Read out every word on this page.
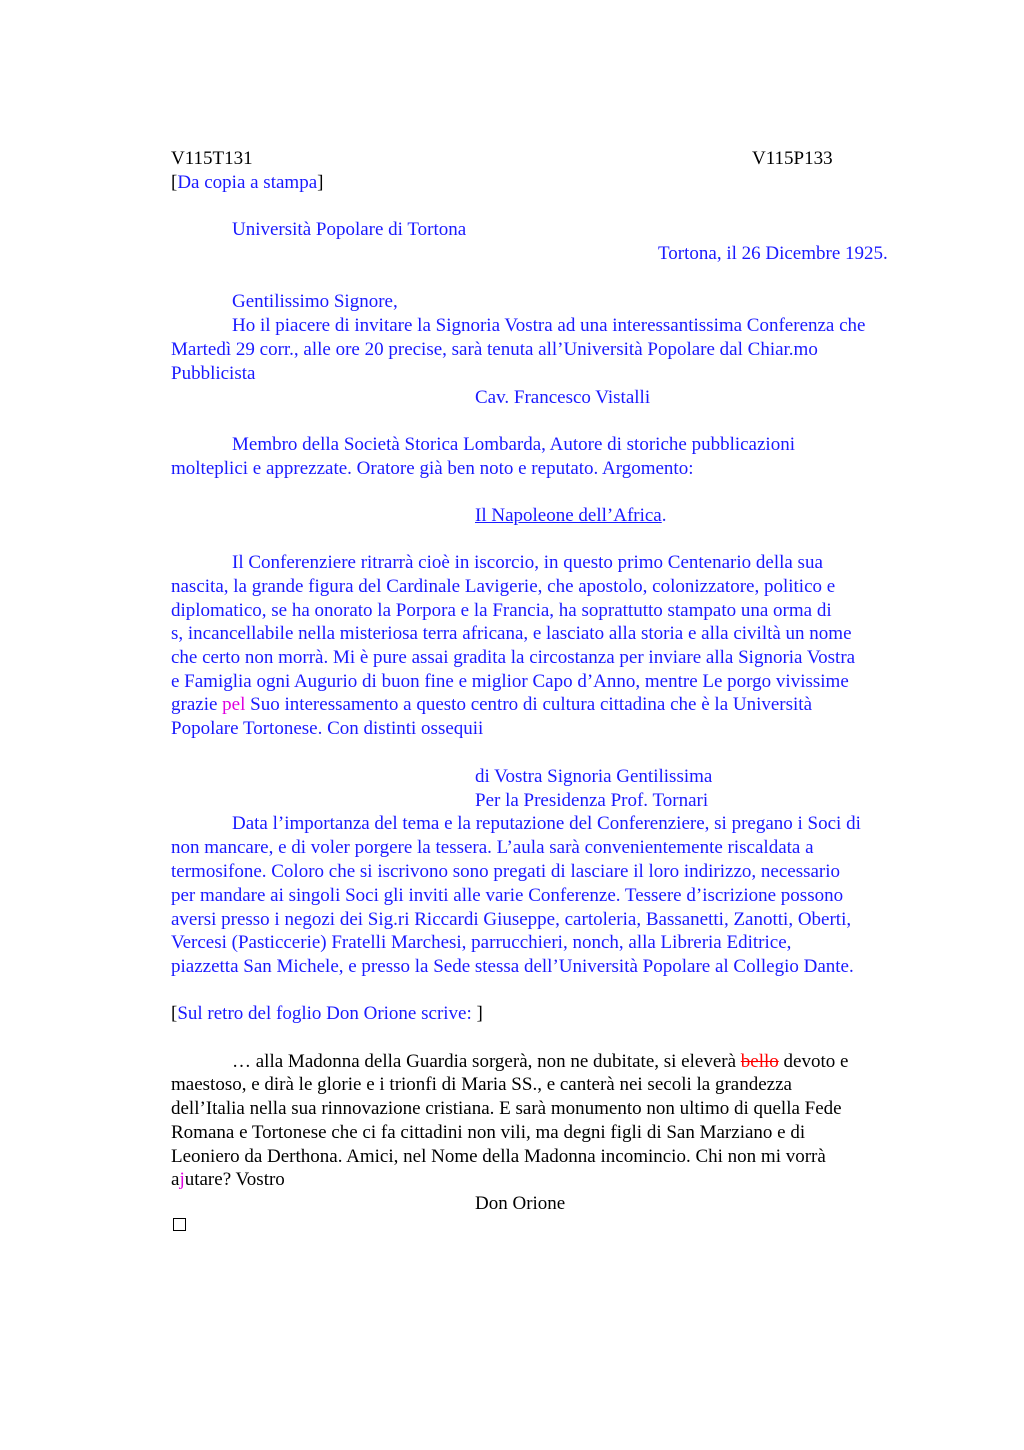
V115T131	V115P133
[Da copia a stampa]
Università Popolare di Tortona
Tortona, il 26 Dicembre 1925.
Gentilissimo Signore,
Ho il piacere di invitare la Signoria Vostra ad una interessantissima Conferenza che
Martedì 29 corr., alle ore 20 precise, sarà tenuta all’Università Popolare dal Chiar.mo
Pubblicista
Cav. Francesco Vistalli
Membro della Società Storica Lombarda, Autore di storiche pubblicazioni
molteplici e apprezzate. Oratore già ben noto e reputato. Argomento:
Il Napoleone dell’Africa.
Il Conferenziere ritrarrà cioè in iscorcio, in questo primo Centenario della sua
nascita, la grande figura del Cardinale Lavigerie, che apostolo, colonizzatore, politico e
diplomatico, se ha onorato la Porpora e la Francia, ha soprattutto stampato una orma di
s, incancellabile nella misteriosa terra africana, e lasciato alla storia e alla civiltà un nome
che certo non morrà. Mi è pure assai gradita la circostanza per inviare alla Signoria Vostra
e Famiglia ogni Augurio di buon fine e miglior Capo d’Anno, mentre Le porgo vivissime
grazie pel Suo interessamento a questo centro di cultura cittadina che è la Università
Popolare Tortonese. Con distinti ossequii
di Vostra Signoria Gentilissima
Per la Presidenza Prof. Tornari
Data l’importanza del tema e la reputazione del Conferenziere, si pregano i Soci di
non mancare, e di voler porgere la tessera. L’aula sarà convenientemente riscaldata a
termosifone. Coloro che si iscrivono sono pregati di lasciare il loro indirizzo, necessario
per mandare ai singoli Soci gli inviti alle varie Conferenze. Tessere d’iscrizione possono
aversi presso i negozi dei Sig.ri Riccardi Giuseppe, cartoleria, Bassanetti, Zanotti, Oberti,
Vercesi (Pasticcerie) Fratelli Marchesi, parrucchieri, nonch, alla Libreria Editrice,
piazzetta San Michele, e presso la Sede stessa dell’Università Popolare al Collegio Dante.
[Sul retro del foglio Don Orione scrive: ]
… alla Madonna della Guardia sorgerà, non ne dubitate, si eleverà bello devoto e
maestoso, e dirà le glorie e i trionfi di Maria SS., e canterà nei secoli la grandezza
dell’Italia nella sua rinnovazione cristiana. E sarà monumento non ultimo di quella Fede
Romana e Tortonese che ci fa cittadini non vili, ma degni figli di San Marziano e di
Leoniero da Derthona. Amici, nel Nome della Madonna incomincio. Chi non mi vorrà
ajutare? Vostro
Don Orione
